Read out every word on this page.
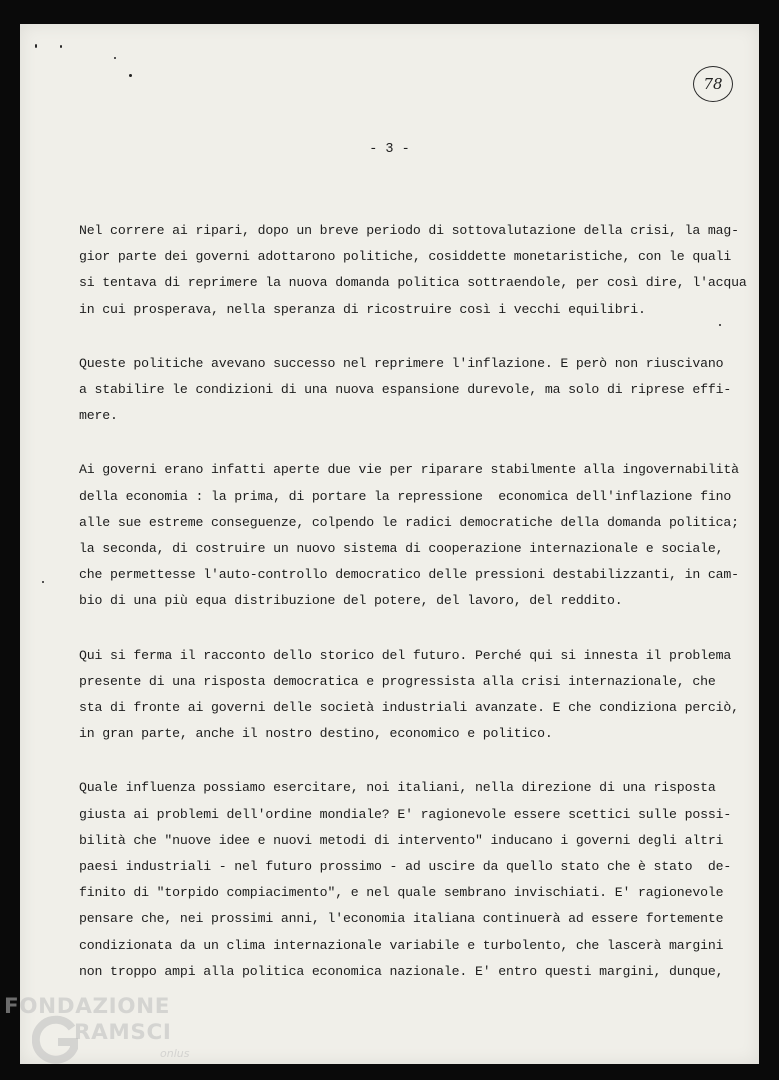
78
- 3 -
Nel correre ai ripari, dopo un breve periodo di sottovalutazione della crisi, la mag-
gior parte dei governi adottarono politiche, cosiddette monetaristiche, con le quali
si tentava di reprimere la nuova domanda politica sottraendole, per così dire, l'acqua
in cui prosperava, nella speranza di ricostruire così i vecchi equilibri.
Queste politiche avevano successo nel reprimere l'inflazione. E però non riuscivano
a stabilire le condizioni di una nuova espansione durevole, ma solo di riprese effi-
mere.
Ai governi erano infatti aperte due vie per riparare stabilmente alla ingovernabilità
della economia : la prima, di portare la repressione  economica dell'inflazione fino
alle sue estreme conseguenze, colpendo le radici democratiche della domanda politica;
la seconda, di costruire un nuovo sistema di cooperazione internazionale e sociale,
che permettesse l'auto-controllo democratico delle pressioni destabilizzanti, in cam-
bio di una più equa distribuzione del potere, del lavoro, del reddito.
Qui si ferma il racconto dello storico del futuro. Perché qui si innesta il problema
presente di una risposta democratica e progressista alla crisi internazionale, che
sta di fronte ai governi delle società industriali avanzate. E che condiziona perciò,
in gran parte, anche il nostro destino, economico e politico.
Quale influenza possiamo esercitare, noi italiani, nella direzione di una risposta
giusta ai problemi dell'ordine mondiale? E' ragionevole essere scettici sulle possi-
bilità che "nuove idee e nuovi metodi di intervento" inducano i governi degli altri
paesi industriali - nel futuro prossimo - ad uscire da quello stato che è stato  de-
finito di "torpido compiacimento", e nel quale sembrano invischiati. E' ragionevole
pensare che, nei prossimi anni, l'economia italiana continuerà ad essere fortemente
condizionata da un clima internazionale variabile e turbolento, che lascerà margini
non troppo ampi alla politica economica nazionale. E' entro questi margini, dunque,
FONDAZIONE
RAMSCI
onlus
